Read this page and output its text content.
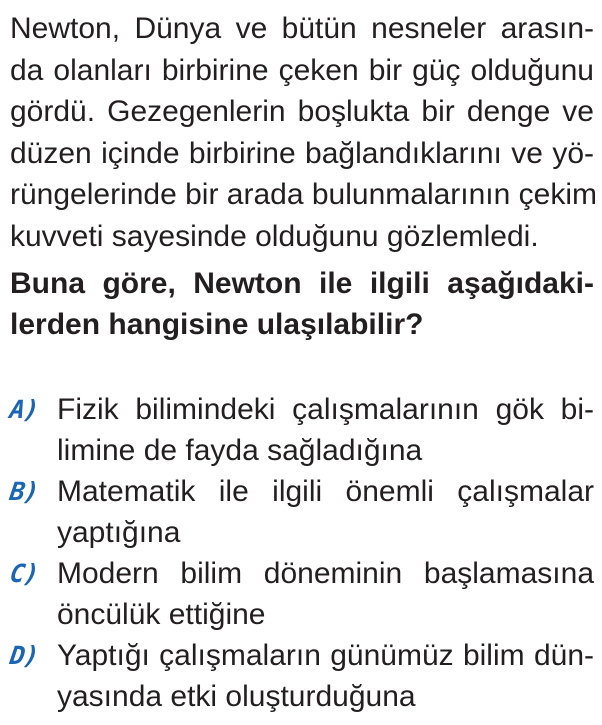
Newton, Dünya ve bütün nesneler arasın-
da olanları birbirine çeken bir güç olduğunu
gördü. Gezegenlerin boşlukta bir denge ve
düzen içinde birbirine bağlandıklarını ve yö-
rüngelerinde bir arada bulunmalarının çekim
kuvveti sayesinde olduğunu gözlemledi.
Buna göre, Newton ile ilgili aşağıdaki-
lerden hangisine ulaşılabilir?
A) Fizik bilimindeki çalışmalarının gök bi-
limine de fayda sağladığına
B) Matematik ile ilgili önemli çalışmalar
yaptığına
C) Modern bilim döneminin başlamasına
öncülük ettiğine
D) Yaptığı çalışmaların günümüz bilim dün-
yasında etki oluşturduğuna
